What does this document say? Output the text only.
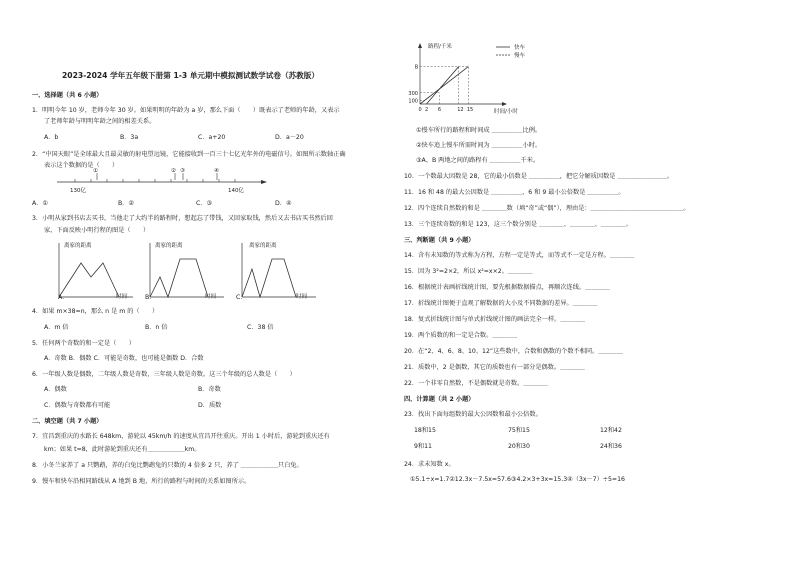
2023-2024 学年五年级下册第 1-3 单元期中模拟测试数学试卷（苏教版）
一、选择题（共 6 小题）
1．明明今年 10 岁，老师今年 30 岁。如果明明的年龄为 a 岁，那么下面（　　）既表示了老师的年龄，又表示
了老师年龄与明明年龄之间的相差关系。
A．b	B．3a	C．a+20	D．a－20
2．“中国天眼”是全球最大且最灵敏的射电望远镜，它能接收到一百三十七亿光年外的电磁信号。如图所示数轴正确
表示这个数据的是（　　）
①	② ③	④
130亿	140亿
A．①	B．②	C．③	D．④
3．小明从家到书店去买书，当他走了大约半的路程时，想起忘了带钱，又回家取钱，然后又去书店买书然后回
家，下面反映小明行程的图是（　　）
离家的距离
时间
离家的距离
时间
离家的距离
时间
A．	B．	C．
4．如果 m×38=n，那么 n 是 m 的（　　）
A．m 倍	B．n 倍	C．38 倍
5．任何两个奇数的和一定是（　　）
A．奇数 B．偶数 C．可能是奇数，也可能是偶数 D．合数
6．一年级人数是偶数，二年级人数是奇数，三年级人数是奇数。这三个年级的总人数是（　　）
A．偶数	B．奇数
C．偶数与奇数都有可能	D．质数
二、填空题（共 7 小题）
7．宜昌到重庆的水路长 648km，游轮以 45km/h 的速度从宜昌开往重庆。开出 1 小时后，游轮到重庆还有
km；如果 t=8，此时游轮到重庆还有＿＿＿＿＿＿km。
8．小冬兰家养了 a 只鹦鹉，养的白兔比鹦鹉兔的只数的 4 倍多 2 只，养了 ＿＿＿＿＿＿只白兔。
9．慢车和快车沿相同路线从 A 地到 B 地，所行的路程与时间的关系如图所示。
0 2 6	12 15
100
300
B
路程/千米
时间/小时
快车
慢车
①慢车所行的路程和时间成 ＿＿＿＿＿比例。
②快车追上慢车所需时间为 ＿＿＿＿＿小时。
③A、B 两地之间的路程有 ＿＿＿＿＿千米。
10．一个数最大因数是 28，它的最小倍数是 ＿＿＿＿＿，把它分解质因数是 ＿＿＿＿＿＿＿＿。
11．16 和 48 的最大公因数是 ＿＿＿＿＿，6 和 9 最小公倍数是 ＿＿＿＿＿。
12．四个连续自然数的和是 ＿＿＿＿数（填“奇”或“偶”），理由是：＿＿＿＿＿＿＿＿＿＿＿＿＿＿＿。
13．三个连续奇数的和是 123，这三个数分别是 ＿＿＿＿、＿＿＿＿、＿＿＿＿。
三、判断题（共 9 小题）
14．含有未知数的等式称为方程，方程一定是等式，而等式不一定是方程。＿＿＿＿
15．因为 3²=2×2，所以 x²=x×2。＿＿＿＿
16．根据统计表画折线统计图，要先根据数据描点，再顺次连线。＿＿＿＿
17．折线统计图便于直观了解数据的大小及不同数据的差异。＿＿＿＿
18．复式折线统计图与单式折线统计图的画法完全一样。＿＿＿＿
19．两个质数的和一定是合数。＿＿＿＿
20．在“2、4、6、8、10、12”这些数中，合数和偶数的个数不相同。＿＿＿＿
21．质数中，2 是偶数，其它的质数也有一部分是偶数。＿＿＿＿
22．一个非零自然数，不是偶数就是奇数。＿＿＿＿
四、计算题（共 2 小题）
23．找出下面每组数的最大公因数和最小公倍数。
18和15	75和15	12和42
9和11	20和30	24和36
24．求未知数 x。
①5.1÷x=1.7②12.3x－7.5x=57.6③4.2×3+3x=15.3④（3x－7）÷5=16
